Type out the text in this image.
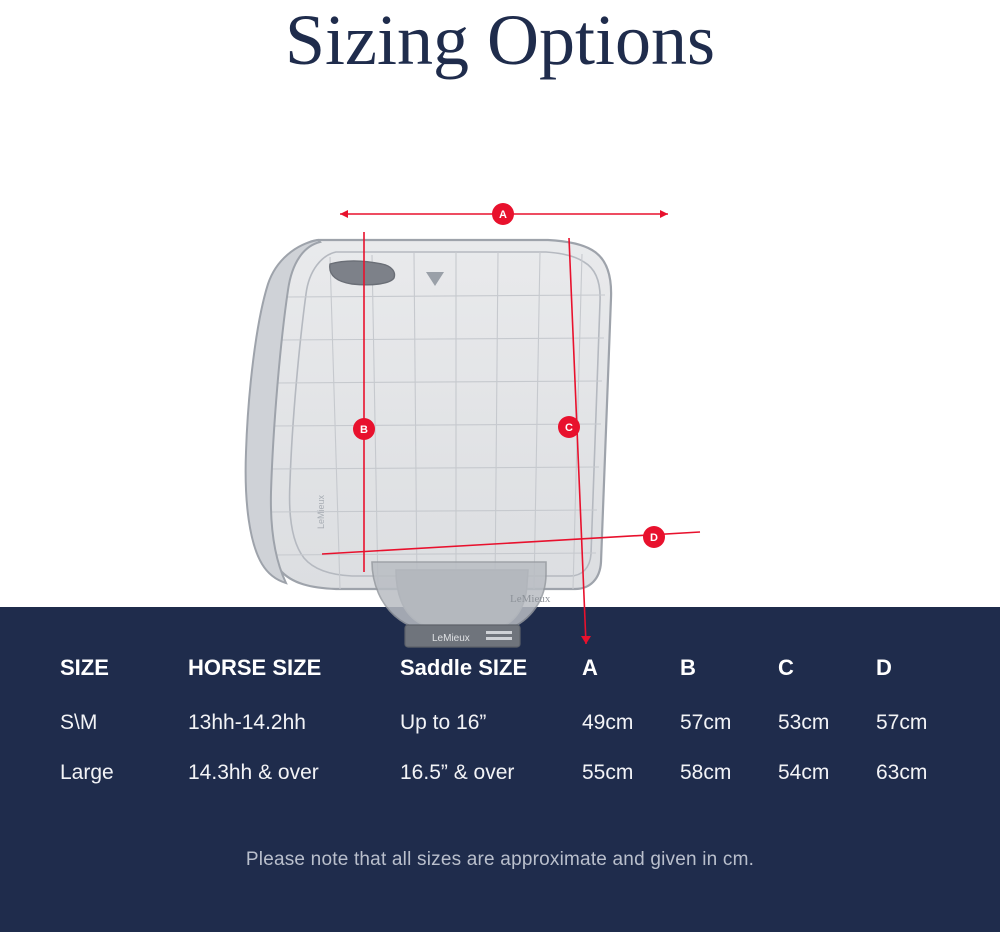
Sizing Options
LeMieux
LeMieux
LeMieux
A
B	C
D
SIZE	HORSE SIZE	Saddle SIZE	A	B	C	D
S\M	13hh-14.2hh	Up to 16”	49cm	57cm	53cm	57cm
Large	14.3hh & over	16.5” & over	55cm	58cm	54cm	63cm
Please note that all sizes are approximate and given in cm.
